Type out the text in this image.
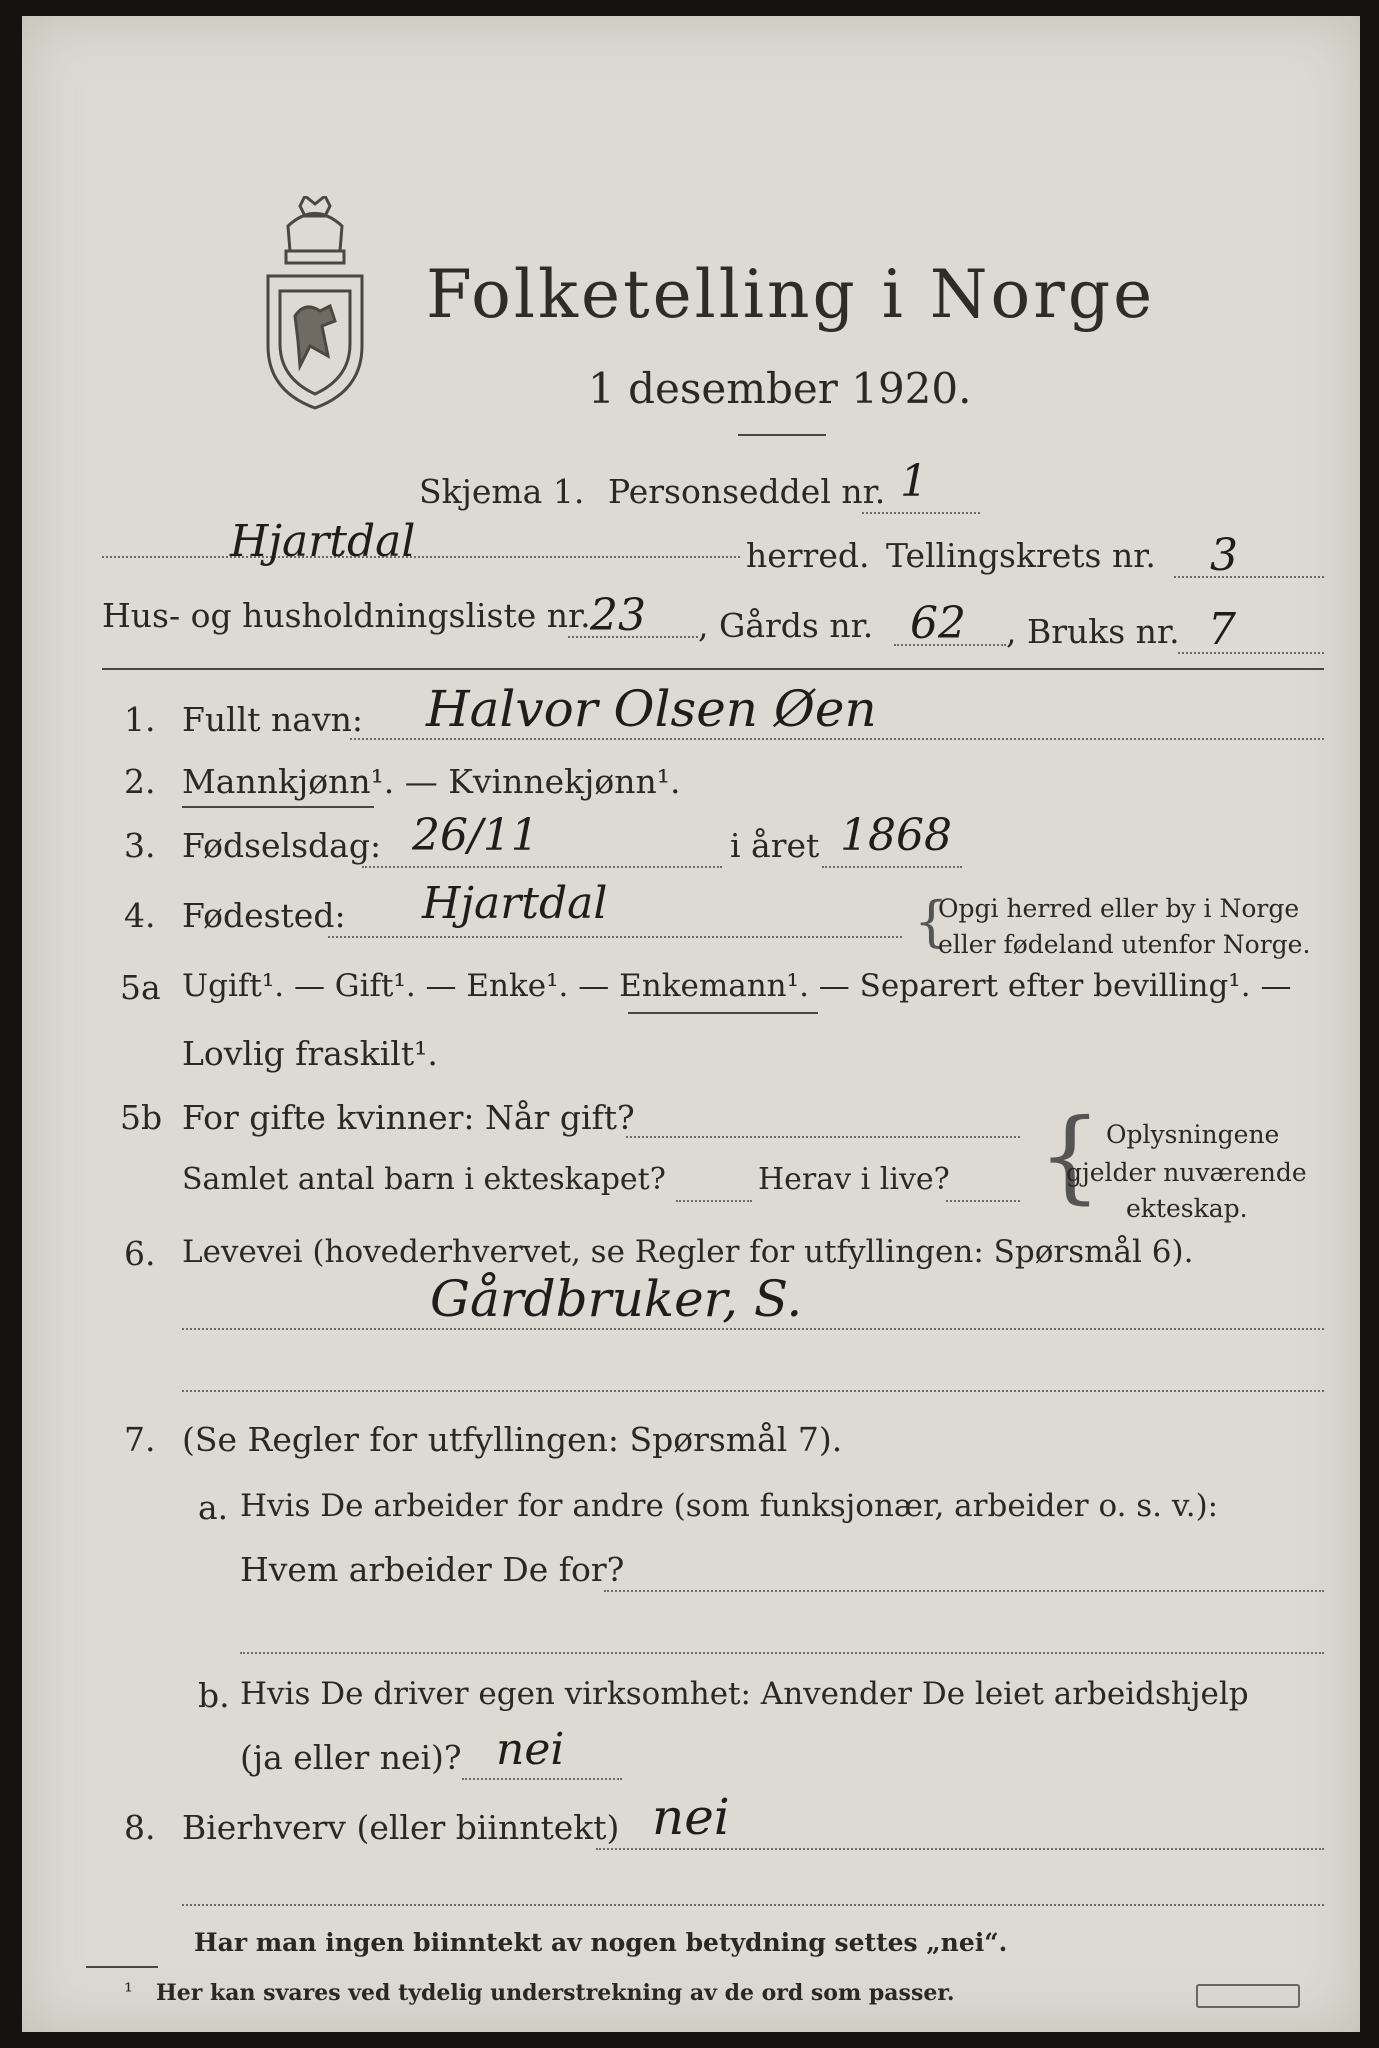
Folketelling i Norge
1 desember 1920.
Skjema 1. Personseddel nr. 1
Hjartdal	herred. Tellingskrets nr. 3
Hus- og husholdningsliste nr. 23 , Gårds nr. 62 , Bruks nr. 7
1. Fullt navn: Halvor Olsen Øen
2. Mannkjønn¹. — Kvinnekjønn¹.
3. Fødselsdag: 26/11	i året 1868
4. Fødested: Hjartdal	{
Opgi herred eller by i Norge
eller fødeland utenfor Norge.
5a Ugift¹. — Gift¹. — Enke¹. — Enkemann¹. — Separert efter bevilling¹. —
Lovlig fraskilt¹.
5b For gifte kvinner: Når gift?
Samlet antal barn i ekteskapet?	Herav i live? { Oplysningene
gjelder nuværende
ekteskap.
6. Levevei (hovederhvervet, se Regler for utfyllingen: Spørsmål 6).
Gårdbruker, S.
7. (Se Regler for utfyllingen: Spørsmål 7).
a. Hvis De arbeider for andre (som funksjonær, arbeider o. s. v.):
Hvem arbeider De for?
b. Hvis De driver egen virksomhet: Anvender De leiet arbeidshjelp
(ja eller nei)? nei
8. Bierhverv (eller biinntekt) nei
Har man ingen biinntekt av nogen betydning settes „nei“.
¹ Her kan svares ved tydelig understrekning av de ord som passer.
